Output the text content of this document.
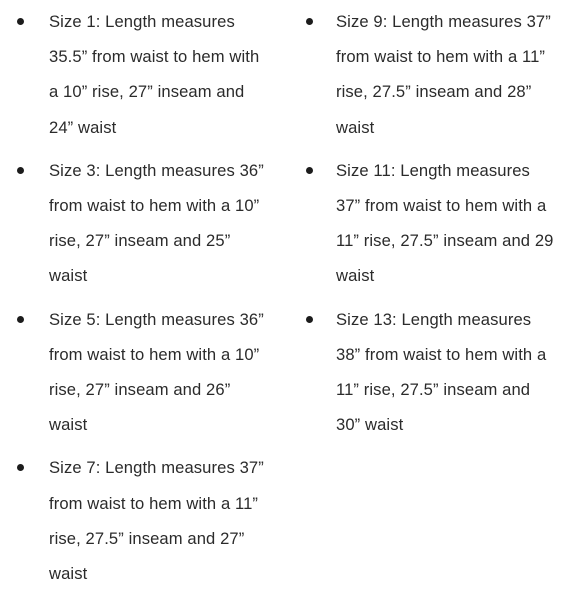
Size 1: Length measures
35.5” from waist to hem with
a 10” rise, 27” inseam and
24” waist
Size 3: Length measures 36”
from waist to hem with a 10”
rise, 27” inseam and 25”
waist
Size 5: Length measures 36”
from waist to hem with a 10”
rise, 27” inseam and 26”
waist
Size 7: Length measures 37”
from waist to hem with a 11”
rise, 27.5” inseam and 27”
waist
Size 9: Length measures 37”
from waist to hem with a 11”
rise, 27.5” inseam and 28”
waist
Size 11: Length measures
37” from waist to hem with a
11” rise, 27.5” inseam and 29
waist
Size 13: Length measures
38” from waist to hem with a
11” rise, 27.5” inseam and
30” waist
